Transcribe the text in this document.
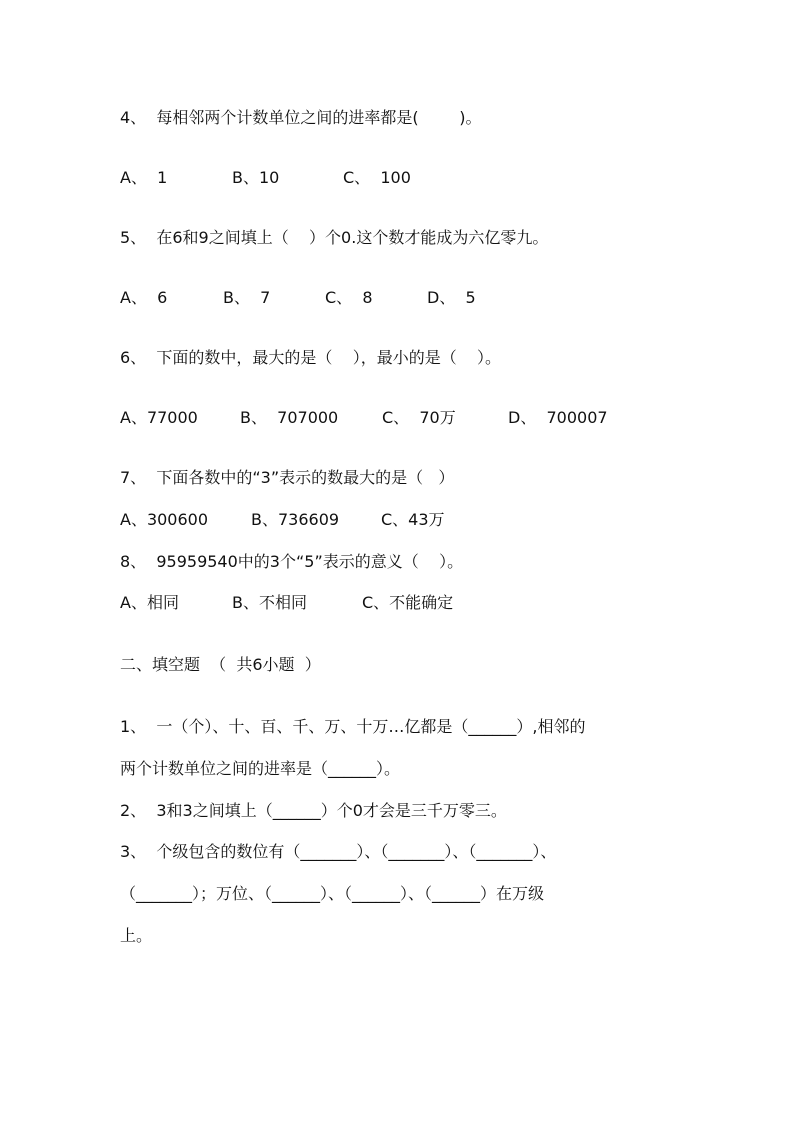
4、  每相邻两个计数单位之间的进率都是(        )。

A、  1

	B、10

	C、  100

5、  在6和9之间填上（    ）个0.这个数才能成为六亿零九。

A、  6

	B、  7

	C、  8

	D、  5

6、  下面的数中，最大的是（    ），最小的是（    ）。

A、77000

	B、  707000

	C、  70万

	D、  700007

7、  下面各数中的“3”表示的数最大的是（   ）

A、300600

	B、736609

	C、43万

8、  95959540中的3个“5”表示的意义（    ）。

A、相同

	B、不相同

	C、不能确定

二、填空题  （  共6小题  ）
1、  一（个）、十、百、千、万、十万…亿都是（______）,相邻的
两个计数单位之间的进率是（______）。
2、  3和3之间填上（______）个0才会是三千万零三。
3、  个级包含的数位有（_______）、（_______）、（_______）、
（_______）；万位、（______）、（______）、（______）在万级
上。
